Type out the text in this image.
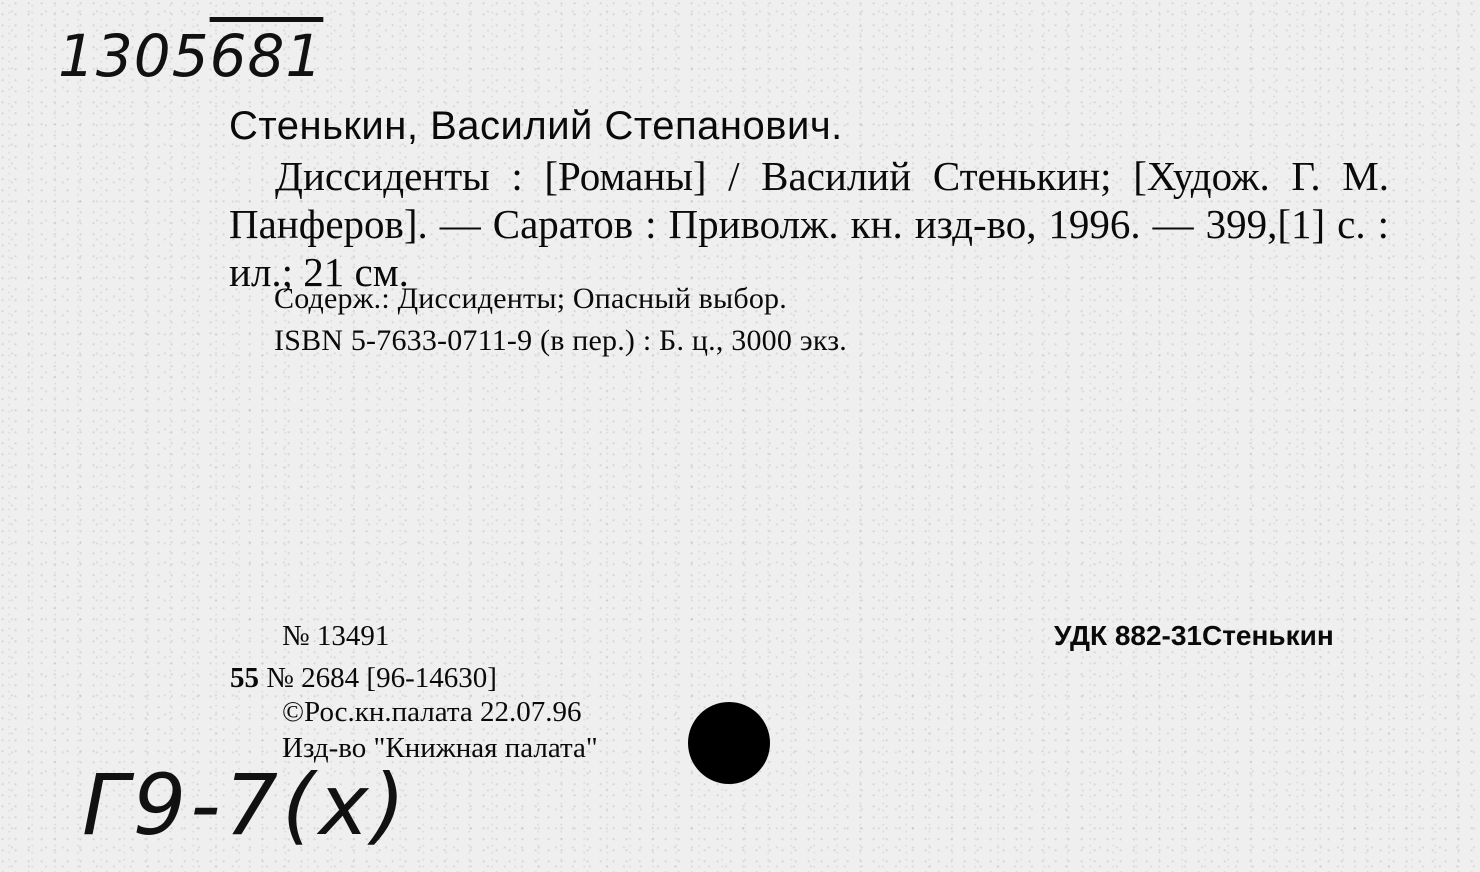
1305681
Стенькин, Василий Степанович.
Диссиденты : [Романы] / Василий Стенькин; [Худож. Г. М. Панферов]. — Саратов : Приволж. кн. изд-во, 1996. — 399,[1] с. : ил.; 21 см.
Содерж.: Диссиденты; Опасный выбор.
ISBN 5-7633-0711-9 (в пер.) : Б. ц., 3000 экз.
№ 13491
55 № 2684 [96-14630]
©Рос.кн.палата 22.07.96
Изд-во "Книжная палата"
УДК 882-31Стенькин
Г9-7(х)
